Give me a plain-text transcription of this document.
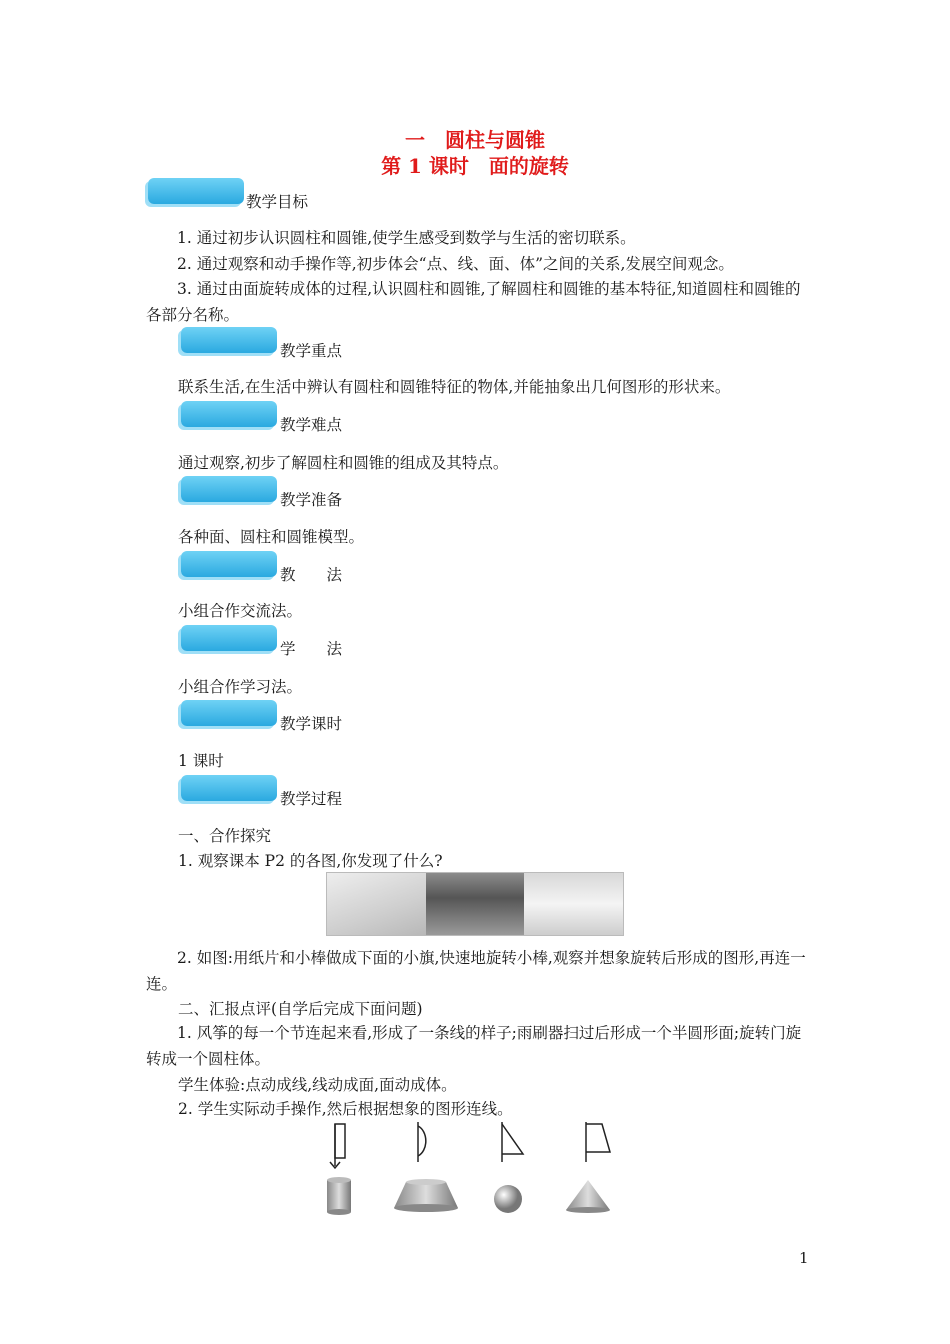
一　圆柱与圆锥
第 1 课时　面的旋转
教学目标
1. 通过初步认识圆柱和圆锥,使学生感受到数学与生活的密切联系。
2. 通过观察和动手操作等,初步体会“点、线、面、体”之间的关系,发展空间观念。
3. 通过由面旋转成体的过程,认识圆柱和圆锥,了解圆柱和圆锥的基本特征,知道圆柱和圆锥的各部分名称。
教学重点
联系生活,在生活中辨认有圆柱和圆锥特征的物体,并能抽象出几何图形的形状来。
教学难点
通过观察,初步了解圆柱和圆锥的组成及其特点。
教学准备
各种面、圆柱和圆锥模型。
教　　法
小组合作交流法。
学　　法
小组合作学习法。
教学课时
1 课时
教学过程
一、合作探究
1. 观察课本 P2 的各图,你发现了什么?
2. 如图:用纸片和小棒做成下面的小旗,快速地旋转小棒,观察并想象旋转后形成的图形,再连一连。
二、汇报点评(自学后完成下面问题)
1. 风筝的每一个节连起来看,形成了一条线的样子;雨刷器扫过后形成一个半圆形面;旋转门旋转成一个圆柱体。
学生体验:点动成线,线动成面,面动成体。
2. 学生实际动手操作,然后根据想象的图形连线。
1
